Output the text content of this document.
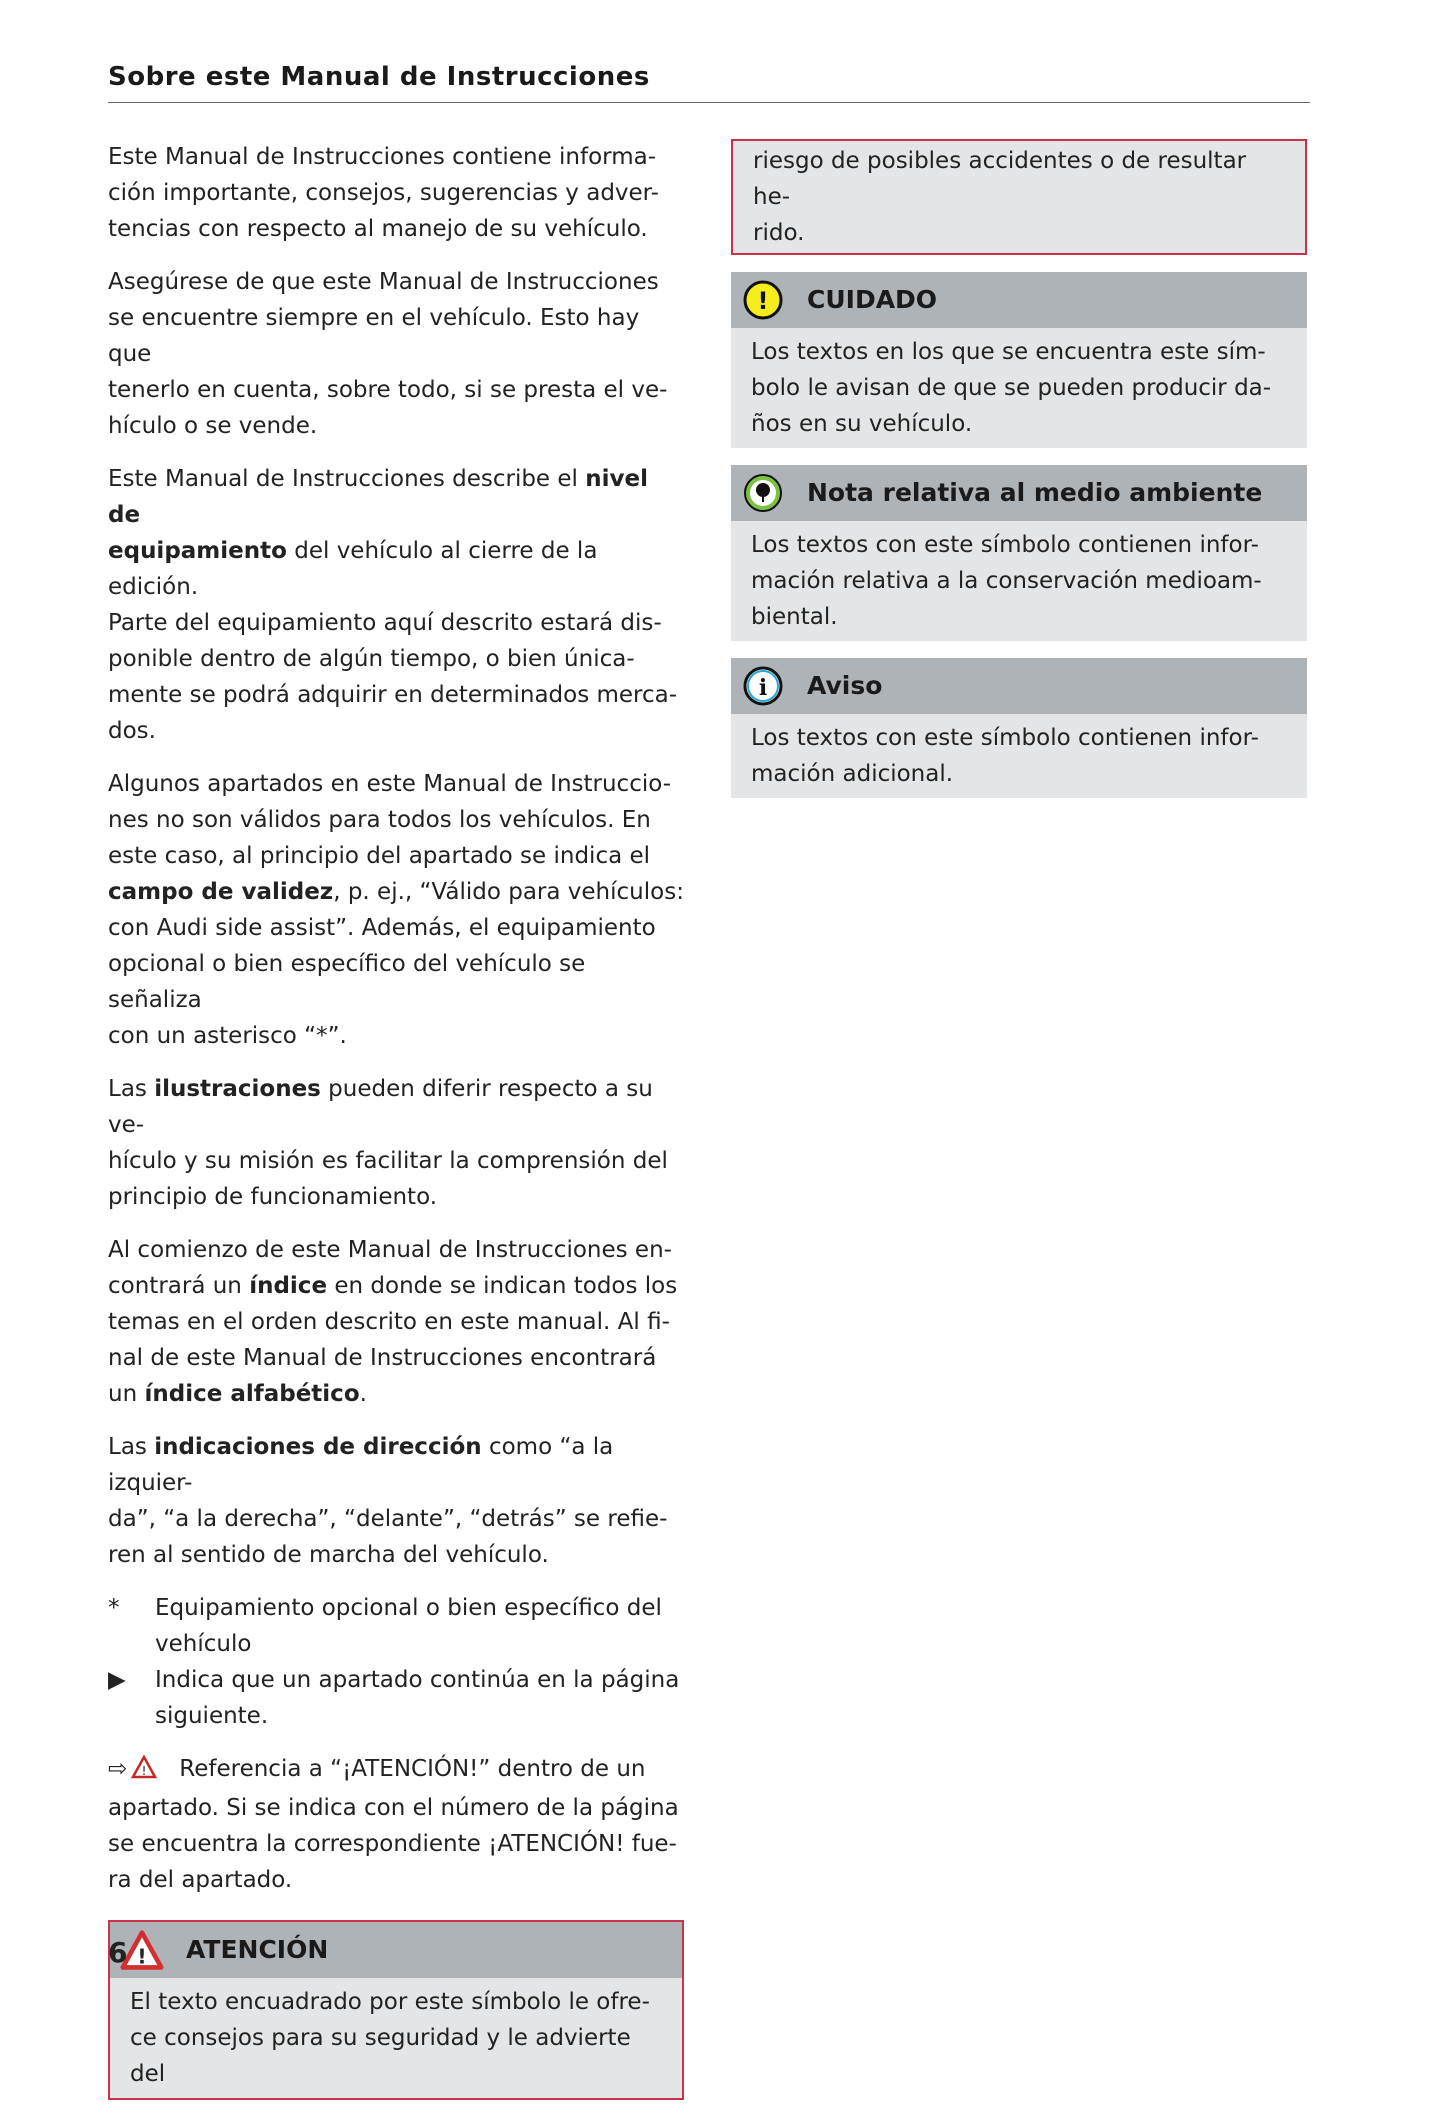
Sobre este Manual de Instrucciones

Este Manual de Instrucciones contiene informa-
ción importante, consejos, sugerencias y adver-
tencias con respecto al manejo de su vehículo.

Asegúrese de que este Manual de Instrucciones
se encuentre siempre en el vehículo. Esto hay que
tenerlo en cuenta, sobre todo, si se presta el ve-
hículo o se vende.

Este Manual de Instrucciones describe el nivel de
equipamiento del vehículo al cierre de la edición.
Parte del equipamiento aquí descrito estará dis-
ponible dentro de algún tiempo, o bien única-
mente se podrá adquirir en determinados merca-
dos.

Algunos apartados en este Manual de Instruccio-
nes no son válidos para todos los vehículos. En
este caso, al principio del apartado se indica el
campo de validez, p. ej., “Válido para vehículos:
con Audi side assist”. Además, el equipamiento
opcional o bien específico del vehículo se señaliza
con un asterisco “*”.

Las ilustraciones pueden diferir respecto a su ve-
hículo y su misión es facilitar la comprensión del
principio de funcionamiento.

Al comienzo de este Manual de Instrucciones en-
contrará un índice en donde se indican todos los
temas en el orden descrito en este manual. Al fi-
nal de este Manual de Instrucciones encontrará
un índice alfabético.

Las indicaciones de dirección como “a la izquier-
da”, “a la derecha”, “delante”, “detrás” se refie-
ren al sentido de marcha del vehículo.

*	Equipamiento opcional o bien específico del
vehículo
▶	Indica que un apartado continúa en la página
siguiente.

⇨ ! Referencia a “¡ATENCIÓN!” dentro de un
apartado. Si se indica con el número de la página
se encuentra la correspondiente ¡ATENCIÓN! fue-
ra del apartado.

! ATENCIÓN
El texto encuadrado por este símbolo le ofre-
ce consejos para su seguridad y le advierte del
riesgo de posibles accidentes o de resultar he-
rido.
! CUIDADO
Los textos en los que se encuentra este sím-
bolo le avisan de que se pueden producir da-
ños en su vehículo.
Nota relativa al medio ambiente
Los textos con este símbolo contienen infor-
mación relativa a la conservación medioam-
biental.
i Aviso
Los textos con este símbolo contienen infor-
mación adicional.
6
